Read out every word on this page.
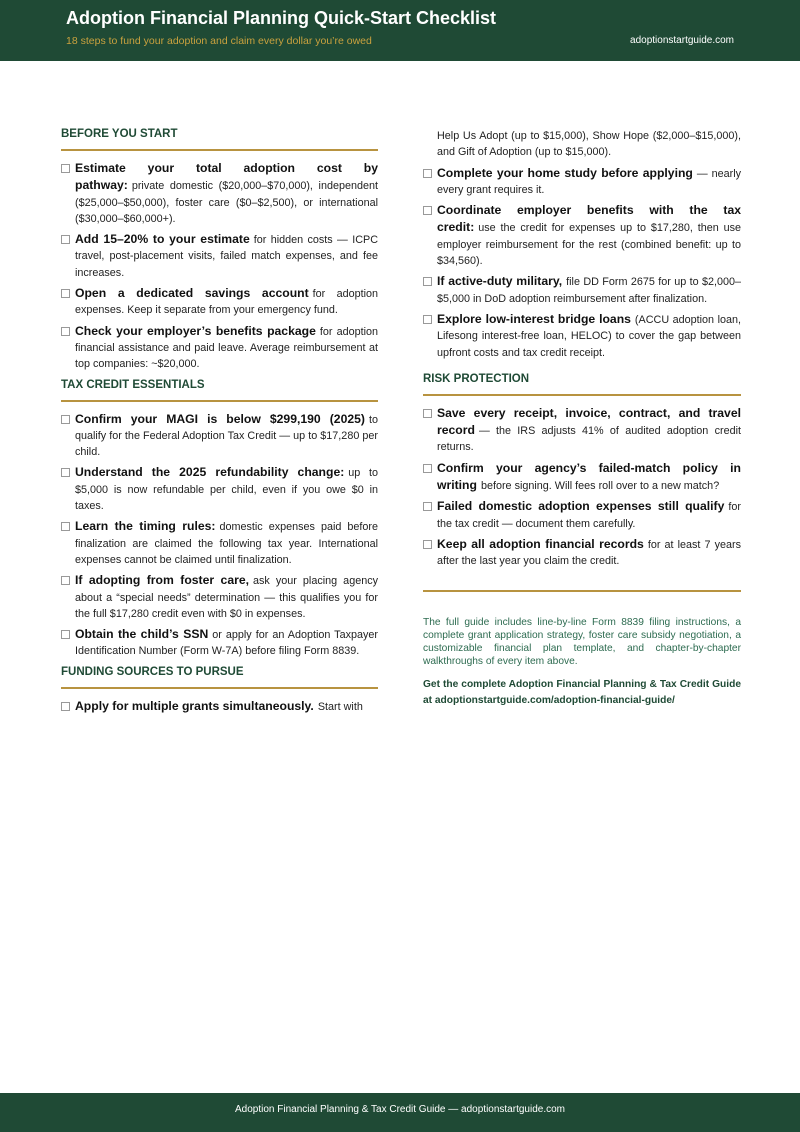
Adoption Financial Planning Quick-Start Checklist
18 steps to fund your adoption and claim every dollar you’re owed	adoptionstartguide.com
BEFORE YOU START
Estimate your total adoption cost by pathway: private domestic ($20,000–$70,000), independent ($25,000–$50,000), foster care ($0–$2,500), or international ($30,000–$60,000+).
Add 15–20% to your estimate for hidden costs — ICPC travel, post-placement visits, failed match expenses, and fee increases.
Open a dedicated savings account for adoption expenses. Keep it separate from your emergency fund.
Check your employer’s benefits package for adoption financial assistance and paid leave. Average reimbursement at top companies: ~$20,000.
TAX CREDIT ESSENTIALS
Confirm your MAGI is below $299,190 (2025) to qualify for the Federal Adoption Tax Credit — up to $17,280 per child.
Understand the 2025 refundability change: up to $5,000 is now refundable per child, even if you owe $0 in taxes.
Learn the timing rules: domestic expenses paid before finalization are claimed the following tax year. International expenses cannot be claimed until finalization.
If adopting from foster care, ask your placing agency about a “special needs” determination — this qualifies you for the full $17,280 credit even with $0 in expenses.
Obtain the child’s SSN or apply for an Adoption Taxpayer Identification Number (Form W-7A) before filing Form 8839.
FUNDING SOURCES TO PURSUE
Apply for multiple grants simultaneously. Start with
Help Us Adopt (up to $15,000), Show Hope ($2,000–$15,000), and Gift of Adoption (up to $15,000).
Complete your home study before applying — nearly every grant requires it.
Coordinate employer benefits with the tax credit: use the credit for expenses up to $17,280, then use employer reimbursement for the rest (combined benefit: up to $34,560).
If active-duty military, file DD Form 2675 for up to $2,000–$5,000 in DoD adoption reimbursement after finalization.
Explore low-interest bridge loans (ACCU adoption loan, Lifesong interest-free loan, HELOC) to cover the gap between upfront costs and tax credit receipt.
RISK PROTECTION
Save every receipt, invoice, contract, and travel record — the IRS adjusts 41% of audited adoption credit returns.
Confirm your agency’s failed-match policy in writing before signing. Will fees roll over to a new match?
Failed domestic adoption expenses still qualify for the tax credit — document them carefully.
Keep all adoption financial records for at least 7 years after the last year you claim the credit.
The full guide includes line-by-line Form 8839 filing instructions, a complete grant application strategy, foster care subsidy negotiation, a customizable financial plan template, and chapter-by-chapter walkthroughs of every item above.
Get the complete Adoption Financial Planning & Tax Credit Guide at adoptionstartguide.com/adoption-financial-guide/
Adoption Financial Planning & Tax Credit Guide — adoptionstartguide.com
